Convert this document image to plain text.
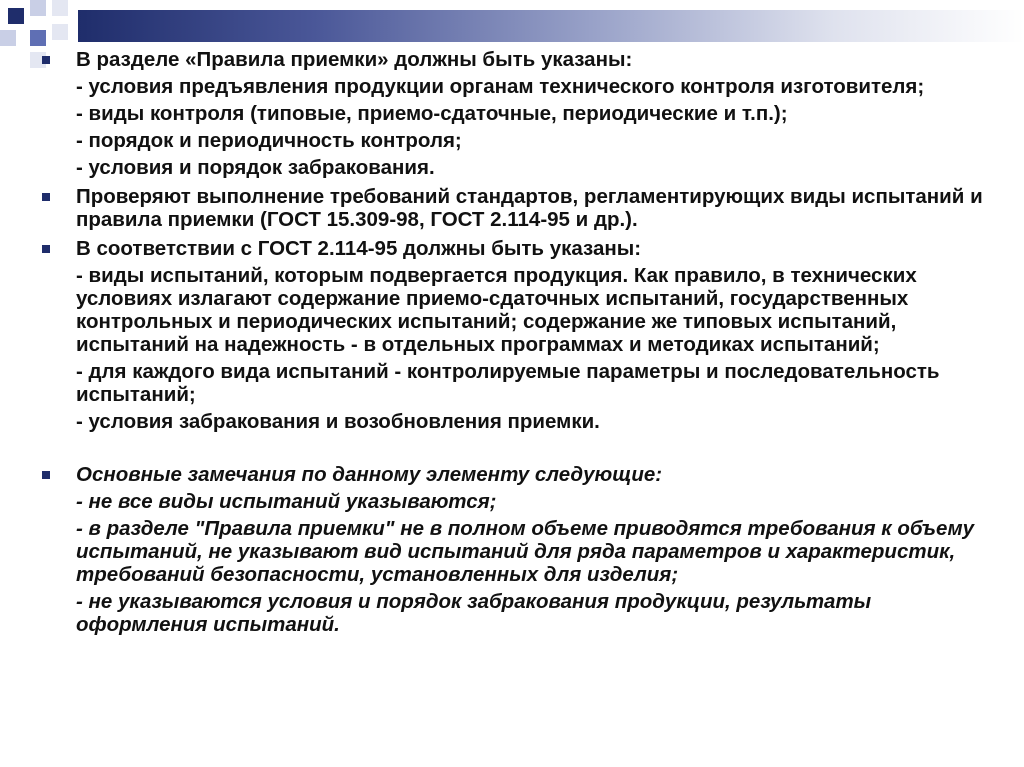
В разделе «Правила приемки» должны быть указаны:
- условия предъявления продукции органам технического контроля изготовителя;
- виды контроля (типовые, приемо-сдаточные, периодические и т.п.);
- порядок и периодичность контроля;
- условия и порядок забракования.
Проверяют выполнение требований стандартов, регламентирующих виды испытаний и правила приемки (ГОСТ 15.309-98, ГОСТ 2.114-95 и др.).
В соответствии с ГОСТ 2.114-95 должны быть указаны:
- виды испытаний, которым подвергается продукция. Как правило, в технических условиях излагают содержание приемо-сдаточных испытаний, государственных контрольных и периодических испытаний; содержание же типовых испытаний, испытаний на надежность - в отдельных программах и методиках испытаний;
- для каждого вида испытаний - контролируемые параметры и последовательность испытаний;
- условия забракования и возобновления приемки.
Основные замечания по данному элементу следующие:
- не все виды испытаний указываются;
- в разделе "Правила приемки" не в полном объеме приводятся требования к объему испытаний, не указывают вид испытаний для ряда параметров и характеристик, требований безопасности, установленных для изделия;
- не указываются условия и порядок забракования продукции, результаты оформления испытаний.
